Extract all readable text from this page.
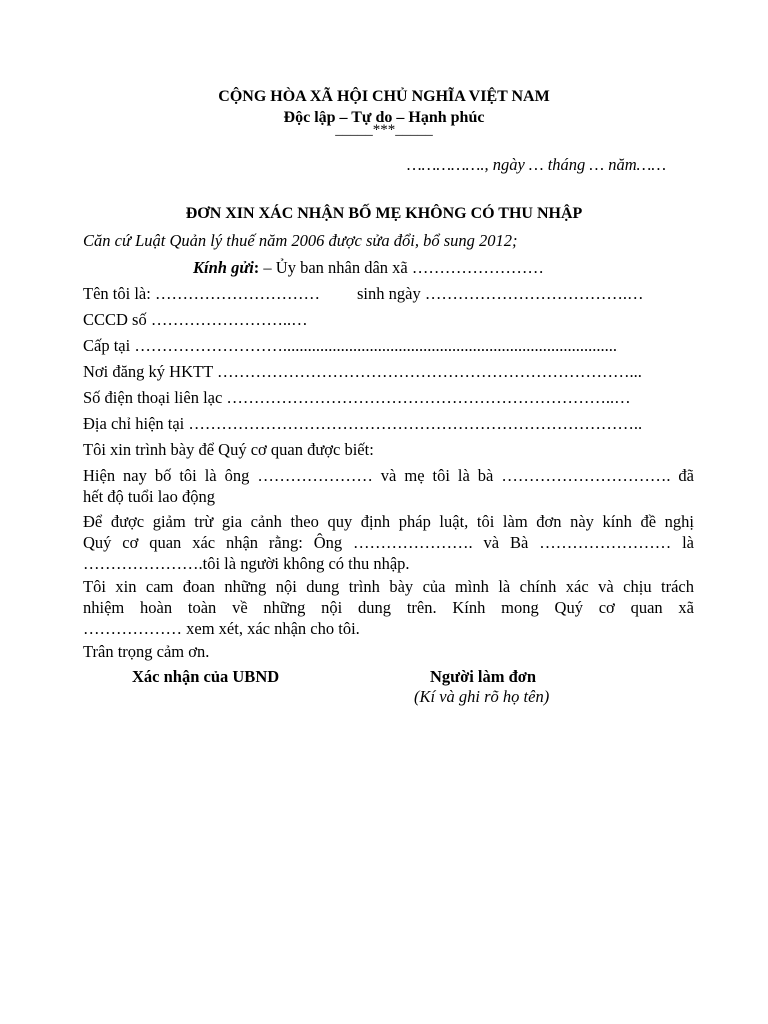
CỘNG HÒA XÃ HỘI CHỦ NGHĨA VIỆT NAM
Độc lập – Tự do – Hạnh phúc
_____***_____
……………., ngày … tháng … năm……
ĐƠN XIN XÁC NHẬN BỐ MẸ KHÔNG CÓ THU NHẬP
Căn cứ Luật Quản lý thuế năm 2006 được sửa đổi, bổ sung 2012;
Kính gửi: – Ủy ban nhân dân xã ……………………
Tên tôi là: ………………………… sinh ngày ……………………………….…
CCCD số ……………………..…
Cấp tại ……………………….................................................................................
Nơi đăng ký HKTT …………………………………………………………………...
Số điện thoại liên lạc ……………………………………………………………..…
Địa chỉ hiện tại ………………………………………………………………………..
Tôi xin trình bày để Quý cơ quan được biết:
Hiện nay bố tôi là ông ………………… và mẹ tôi là bà …………………………. đã
hết độ tuổi lao động
Để được giảm trừ gia cảnh theo quy định pháp luật, tôi làm đơn này kính đề nghị
Quý cơ quan xác nhận rằng: Ông …………………. và Bà …………………… là
………………….tôi là người không có thu nhập.
Tôi xin cam đoan những nội dung trình bày của mình là chính xác và chịu trách
nhiệm hoàn toàn về những nội dung trên. Kính mong Quý cơ quan xã
……………… xem xét, xác nhận cho tôi.
Trân trọng cảm ơn.
Xác nhận của UBND	Người làm đơn
(Kí và ghi rõ họ tên)
